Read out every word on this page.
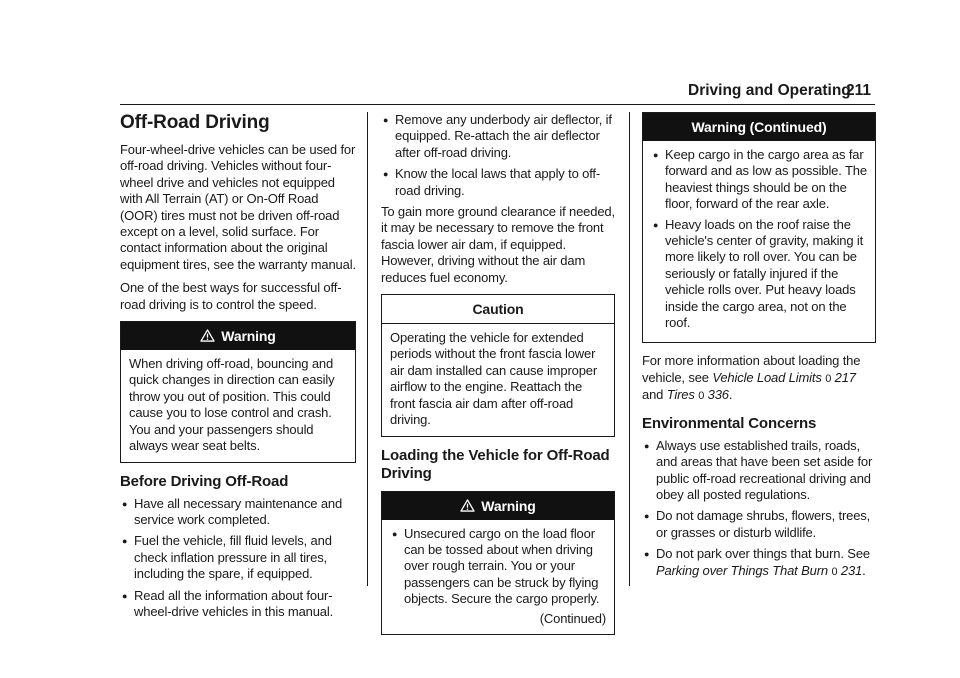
Driving and Operating
211
Off-Road Driving

Four-wheel-drive vehicles can be used for off-road driving. Vehicles without four-wheel drive and vehicles not equipped with All Terrain (AT) or On-Off Road (OOR) tires must not be driven off-road except on a level, solid surface. For contact information about the original equipment tires, see the warranty manual.

One of the best ways for successful off-road driving is to control the speed.

Warning
When driving off-road, bouncing and quick changes in direction can easily throw you out of position. This could cause you to lose control and crash. You and your passengers should always wear seat belts.
Before Driving Off-Road
● Have all necessary maintenance and service work completed.
● Fuel the vehicle, fill fluid levels, and check inflation pressure in all tires, including the spare, if equipped.
● Read all the information about four-wheel-drive vehicles in this manual.
● Remove any underbody air deflector, if equipped. Re-attach the air deflector after off-road driving.
● Know the local laws that apply to off-road driving.

To gain more ground clearance if needed, it may be necessary to remove the front fascia lower air dam, if equipped. However, driving without the air dam reduces fuel economy.

Caution
Operating the vehicle for extended periods without the front fascia lower air dam installed can cause improper airflow to the engine. Reattach the front fascia air dam after off-road driving.
Loading the Vehicle for Off-Road Driving
Warning
● Unsecured cargo on the load floor can be tossed about when driving over rough terrain. You or your passengers can be struck by flying objects. Secure the cargo properly.
(Continued)
Warning (Continued)
● Keep cargo in the cargo area as far forward and as low as possible. The heaviest things should be on the floor, forward of the rear axle.
● Heavy loads on the roof raise the vehicle's center of gravity, making it more likely to roll over. You can be seriously or fatally injured if the vehicle rolls over. Put heavy loads inside the cargo area, not on the roof.

For more information about loading the vehicle, see Vehicle Load Limits 0 217 and Tires 0 336.

Environmental Concerns
● Always use established trails, roads, and areas that have been set aside for public off-road recreational driving and obey all posted regulations.
● Do not damage shrubs, flowers, trees, or grasses or disturb wildlife.
● Do not park over things that burn. See Parking over Things That Burn 0 231.
